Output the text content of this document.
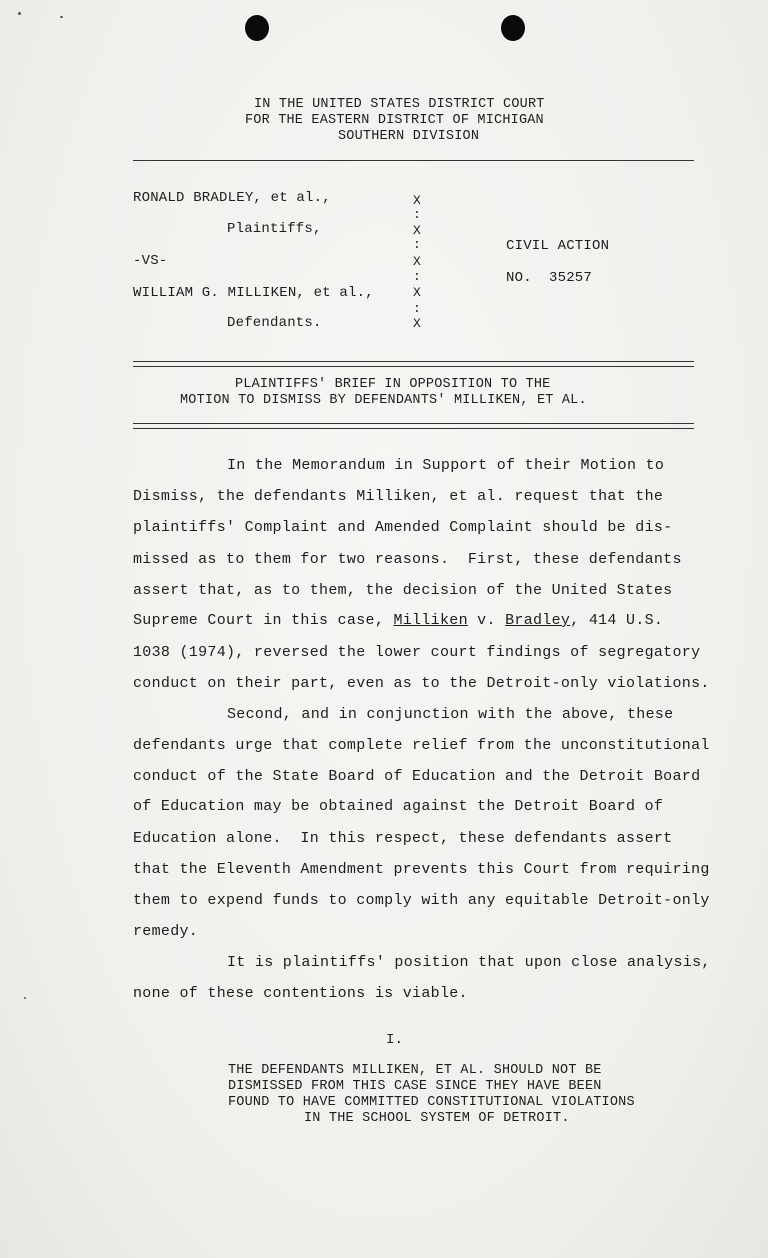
IN THE UNITED STATES DISTRICT COURT
FOR THE EASTERN DISTRICT OF MICHIGAN
SOUTHERN DIVISION
RONALD BRADLEY, et al.,
Plaintiffs,
-VS-
WILLIAM G. MILLIKEN, et al.,
Defendants.
X
:
X
:
X
:
X
:
X
CIVIL ACTION
NO.  35257
PLAINTIFFS' BRIEF IN OPPOSITION TO THE
MOTION TO DISMISS BY DEFENDANTS' MILLIKEN, ET AL.
In the Memorandum in Support of their Motion to
Dismiss, the defendants Milliken, et al. request that the
plaintiffs' Complaint and Amended Complaint should be dis-
missed as to them for two reasons.  First, these defendants
assert that, as to them, the decision of the United States
Supreme Court in this case, Milliken v. Bradley, 414 U.S.
1038 (1974), reversed the lower court findings of segregatory
conduct on their part, even as to the Detroit-only violations.
Second, and in conjunction with the above, these
defendants urge that complete relief from the unconstitutional
conduct of the State Board of Education and the Detroit Board
of Education may be obtained against the Detroit Board of
Education alone.  In this respect, these defendants assert
that the Eleventh Amendment prevents this Court from requiring
them to expend funds to comply with any equitable Detroit-only
remedy.
It is plaintiffs' position that upon close analysis,
none of these contentions is viable.
I.
THE DEFENDANTS MILLIKEN, ET AL. SHOULD NOT BE
DISMISSED FROM THIS CASE SINCE THEY HAVE BEEN
FOUND TO HAVE COMMITTED CONSTITUTIONAL VIOLATIONS
IN THE SCHOOL SYSTEM OF DETROIT.
